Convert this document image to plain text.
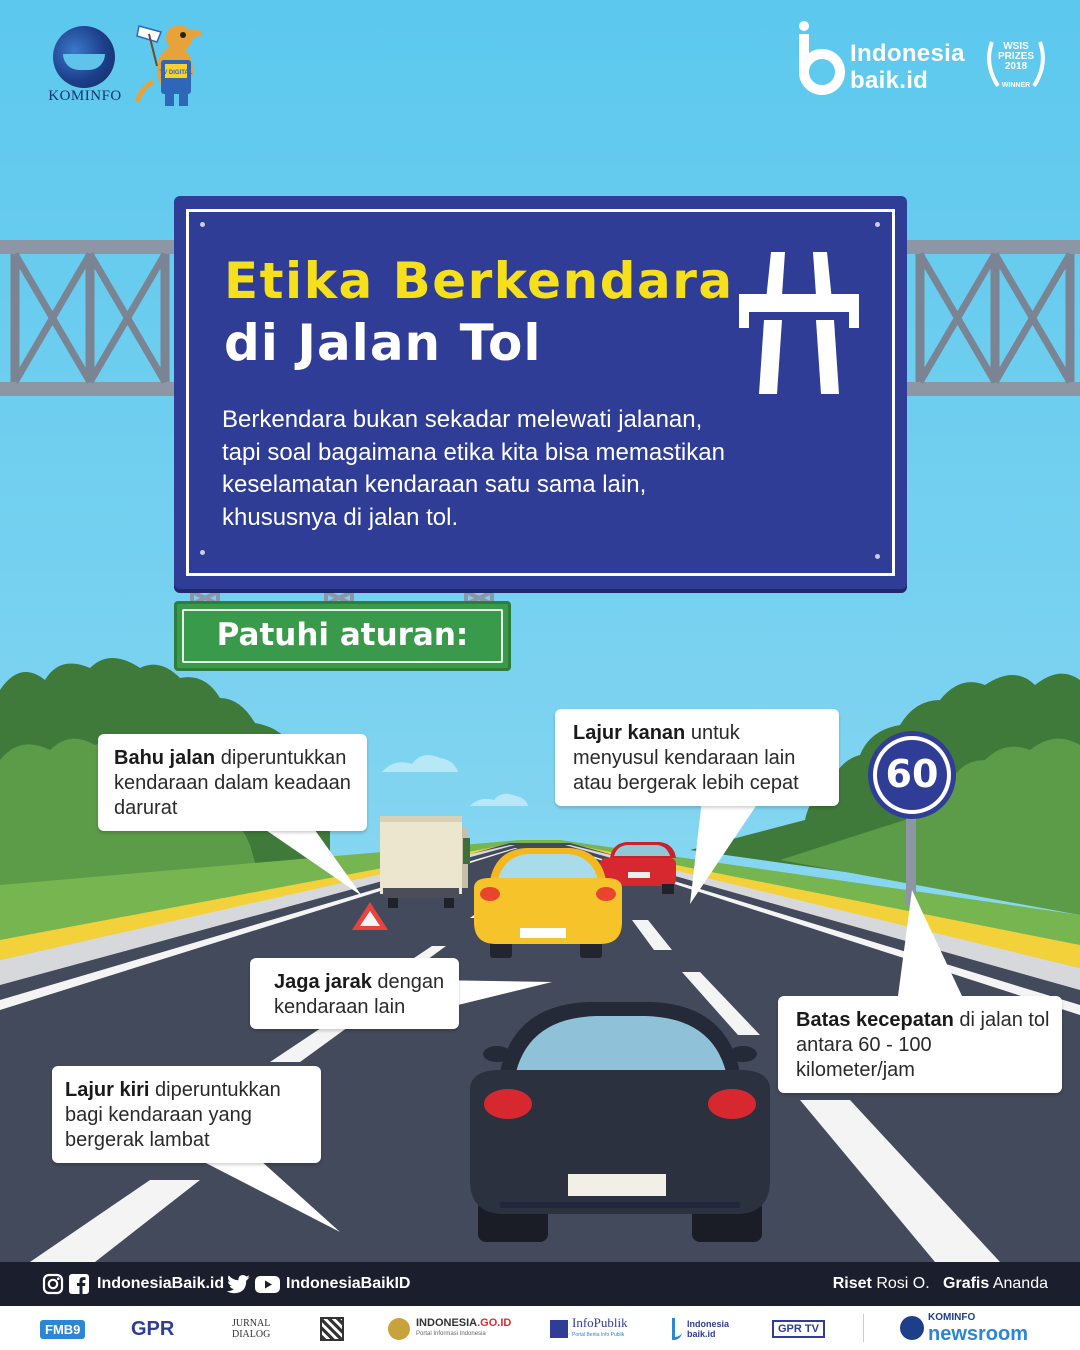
KOMINFO
TV DIGITAL
Indonesia
baik.id
WSIS
PRIZES
2018
WINNER
Etika Berkendara
di Jalan Tol
Berkendara bukan sekadar melewati jalanan,
tapi soal bagaimana etika kita bisa memastikan
keselamatan kendaraan satu sama lain,
khususnya di jalan tol.
Patuhi aturan:
60
Bahu jalan diperuntukkan
kendaraan dalam keadaan
darurat
Lajur kanan untuk
menyusul kendaraan lain
atau bergerak lebih cepat
Jaga jarak dengan
kendaraan lain
Batas kecepatan di jalan tol
antara 60 - 100
kilometer/jam
Lajur kiri diperuntukkan
bagi kendaraan yang
bergerak lambat
IndonesiaBaik.id	IndonesiaBaikID	Riset Rosi O. Grafis Ananda
FMB9	GPR	JURNAL
DIALOG
INDONESIA.GO.ID
Portal Informasi Indonesia
InfoPublik
Portal Berita Info Publik
Indonesia
baik.id	GPR TV
KOMINFO
newsroom
